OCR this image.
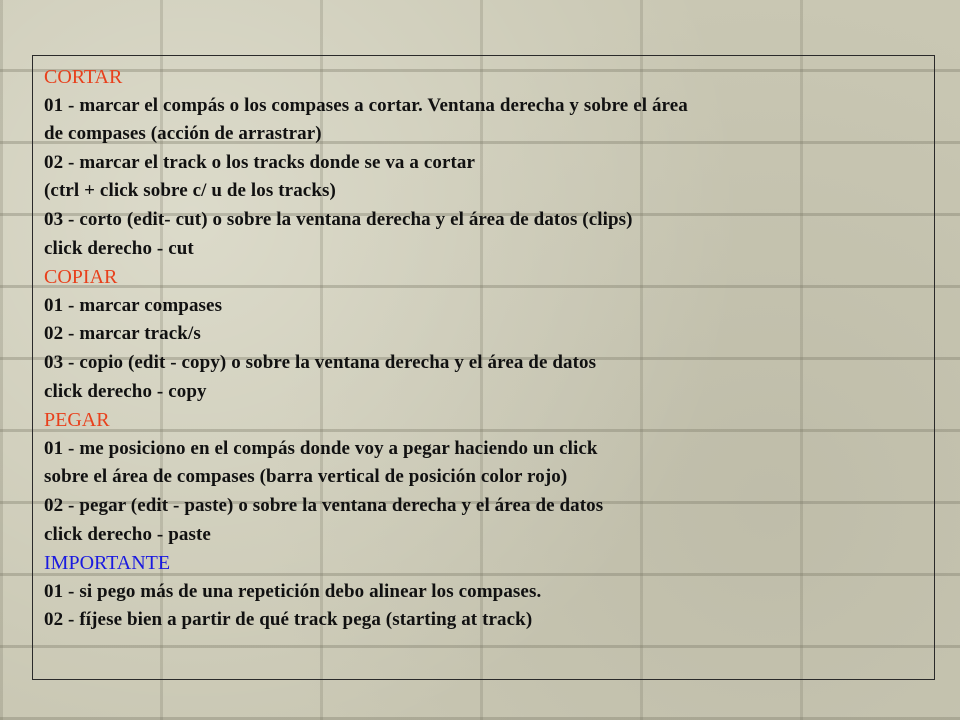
CORTAR
01 - marcar el compás o los compases a cortar. Ventana derecha y sobre el área
de compases (acción de arrastrar)
02 - marcar el track o los tracks donde se va a cortar
(ctrl + click sobre c/ u de los tracks)
03 - corto (edit- cut) o sobre la ventana derecha y el área de datos (clips)
click derecho - cut
COPIAR
01 - marcar compases
02 - marcar track/s
03 - copio (edit - copy) o sobre la ventana derecha y el área de datos
click derecho - copy
PEGAR
01 - me posiciono en el compás donde voy a pegar haciendo un click
sobre el área de compases (barra vertical de posición color rojo)
02 - pegar (edit - paste) o sobre la ventana derecha y el área de datos
click derecho - paste
IMPORTANTE
01 - si pego más de una repetición debo alinear los compases.
02 - fíjese bien a partir de qué track pega (starting at track)
